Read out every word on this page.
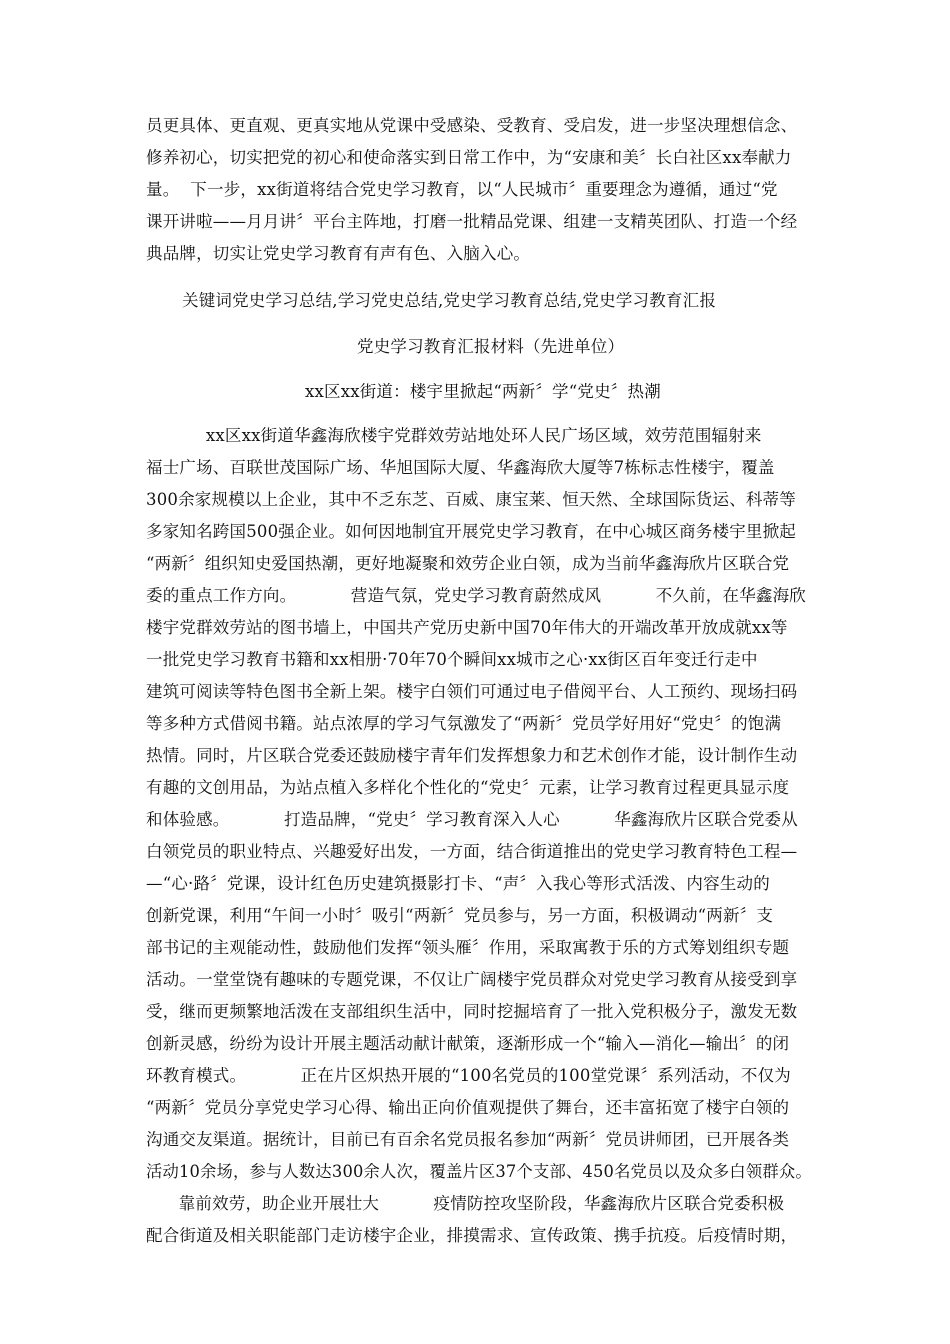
员更具体、更直观、更真实地从党课中受感染、受教育、受启发，进一步坚决理想信念、
修养初心，切实把党的初心和使命落实到日常工作中，为“安康和美〞长白社区xx奉献力
量。  下一步，xx街道将结合党史学习教育，以“人民城市〞重要理念为遵循，通过“党
课开讲啦——月月讲〞平台主阵地，打磨一批精品党课、组建一支精英团队、打造一个经
典品牌，切实让党史学习教育有声有色、入脑入心。
关键词党史学习总结,学习党史总结,党史学习教育总结,党史学习教育汇报
党史学习教育汇报材料（先进单位）
xx区xx街道：楼宇里掀起“两新〞学“党史〞热潮
xx区xx街道华鑫海欣楼宇党群效劳站地处环人民广场区域，效劳范围辐射来
福士广场、百联世茂国际广场、华旭国际大厦、华鑫海欣大厦等7栋标志性楼宇，覆盖
300余家规模以上企业，其中不乏东芝、百威、康宝莱、恒天然、全球国际货运、科蒂等
多家知名跨国500强企业。如何因地制宜开展党史学习教育，在中心城区商务楼宇里掀起
“两新〞组织知史爱国热潮，更好地凝聚和效劳企业白领，成为当前华鑫海欣片区联合党
委的重点工作方向。          营造气氛，党史学习教育蔚然成风          不久前，在华鑫海欣
楼宇党群效劳站的图书墙上，中国共产党历史新中国70年伟大的开端改革开放成就xx等
一批党史学习教育书籍和xx相册·70年70个瞬间xx城市之心·xx街区百年变迁行走中
建筑可阅读等特色图书全新上架。楼宇白领们可通过电子借阅平台、人工预约、现场扫码
等多种方式借阅书籍。站点浓厚的学习气氛激发了“两新〞党员学好用好“党史〞的饱满
热情。同时，片区联合党委还鼓励楼宇青年们发挥想象力和艺术创作才能，设计制作生动
有趣的文创用品，为站点植入多样化个性化的“党史〞元素，让学习教育过程更具显示度
和体验感。          打造品牌，“党史〞学习教育深入人心          华鑫海欣片区联合党委从
白领党员的职业特点、兴趣爱好出发，一方面，结合街道推出的党史学习教育特色工程—
—“心·路〞党课，设计红色历史建筑摄影打卡、“声〞入我心等形式活泼、内容生动的
创新党课，利用“午间一小时〞吸引“两新〞党员参与，另一方面，积极调动“两新〞支
部书记的主观能动性，鼓励他们发挥“领头雁〞作用，采取寓教于乐的方式筹划组织专题
活动。一堂堂饶有趣味的专题党课，不仅让广阔楼宇党员群众对党史学习教育从接受到享
受，继而更频繁地活泼在支部组织生活中，同时挖掘培育了一批入党积极分子，激发无数
创新灵感，纷纷为设计开展主题活动献计献策，逐渐形成一个“输入—消化—输出〞的闭
环教育模式。          正在片区炽热开展的“100名党员的100堂党课〞系列活动，不仅为
“两新〞党员分享党史学习心得、输出正向价值观提供了舞台，还丰富拓宽了楼宇白领的
沟通交友渠道。据统计，目前已有百余名党员报名参加“两新〞党员讲师团，已开展各类
活动10余场，参与人数达300余人次，覆盖片区37个支部、450名党员以及众多白领群众。
靠前效劳，助企业开展壮大          疫情防控攻坚阶段，华鑫海欣片区联合党委积极
配合街道及相关职能部门走访楼宇企业，排摸需求、宣传政策、携手抗疫。后疫情时期，
